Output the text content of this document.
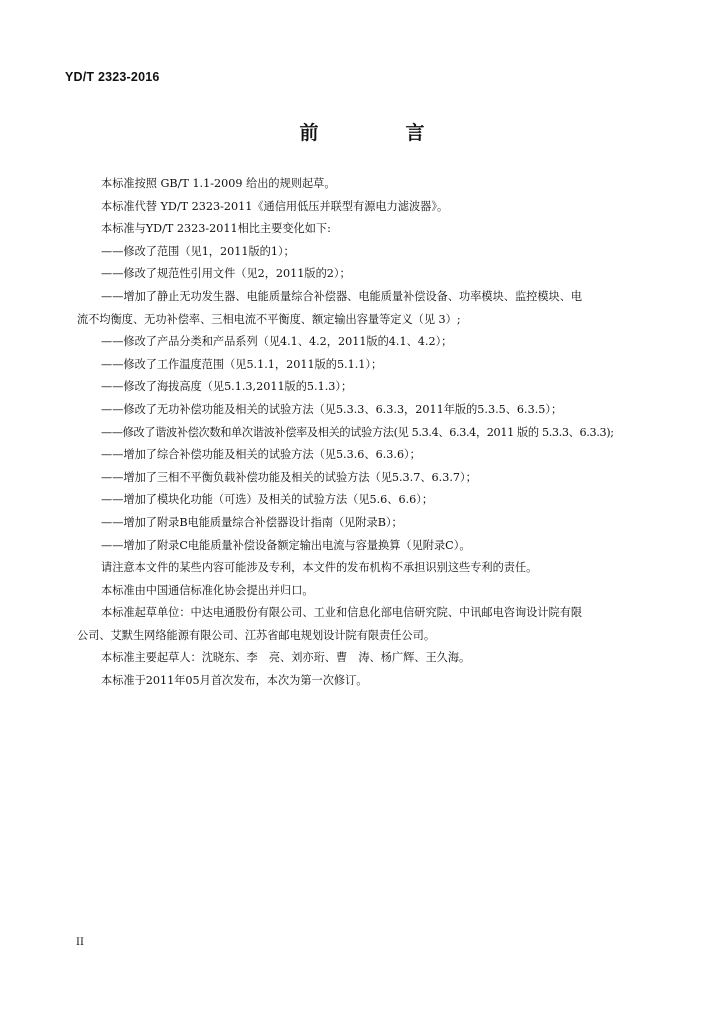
YD/T 2323-2016
前　言
本标准按照 GB/T 1.1-2009 给出的规则起草。
本标准代替 YD/T 2323-2011《通信用低压并联型有源电力滤波器》。
本标准与YD/T 2323-2011相比主要变化如下:
——修改了范围（见1，2011版的1）；
——修改了规范性引用文件（见2，2011版的2）；
——增加了静止无功发生器、电能质量综合补偿器、电能质量补偿设备、功率模块、监控模块、电
流不均衡度、无功补偿率、三相电流不平衡度、额定输出容量等定义（见 3）;
——修改了产品分类和产品系列（见4.1、4.2，2011版的4.1、4.2）；
——修改了工作温度范围（见5.1.1，2011版的5.1.1）；
——修改了海拔高度（见5.1.3,2011版的5.1.3）；
——修改了无功补偿功能及相关的试验方法（见5.3.3、6.3.3，2011年版的5.3.5、6.3.5）；
——修改了谐波补偿次数和单次谐波补偿率及相关的试验方法(见 5.3.4、6.3.4，2011 版的 5.3.3、6.3.3);
——增加了综合补偿功能及相关的试验方法（见5.3.6、6.3.6）；
——增加了三相不平衡负载补偿功能及相关的试验方法（见5.3.7、6.3.7）；
——增加了模块化功能（可选）及相关的试验方法（见5.6、6.6）；
——增加了附录B电能质量综合补偿器设计指南（见附录B）；
——增加了附录C电能质量补偿设备额定输出电流与容量换算（见附录C）。
请注意本文件的某些内容可能涉及专利，本文件的发布机构不承担识别这些专利的责任。
本标准由中国通信标准化协会提出并归口。
本标准起草单位：中达电通股份有限公司、工业和信息化部电信研究院、中讯邮电咨询设计院有限
公司、艾默生网络能源有限公司、江苏省邮电规划设计院有限责任公司。
本标准主要起草人：沈晓东、李　亮、刘亦珩、曹　涛、杨广辉、王久海。
本标准于2011年05月首次发布，本次为第一次修订。
II
